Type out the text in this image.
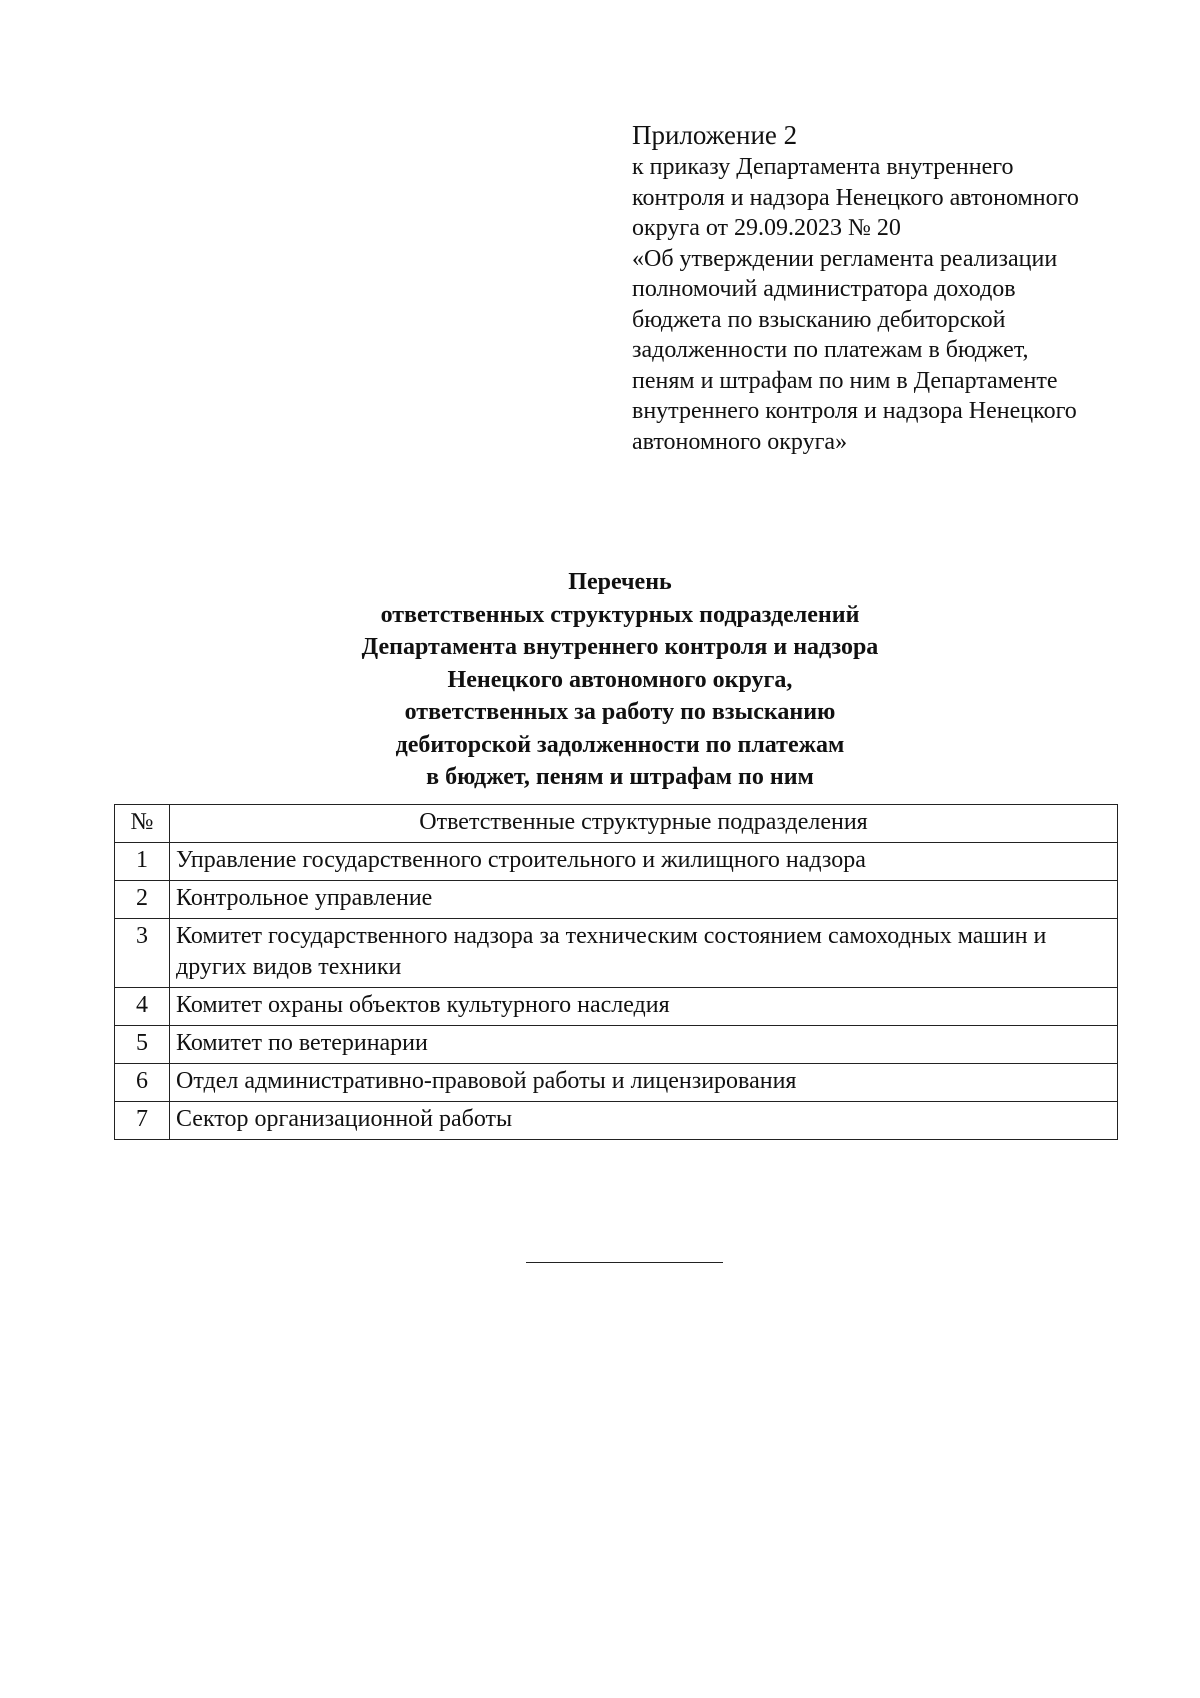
Приложение 2
к приказу Департамента внутреннего
контроля и надзора Ненецкого автономного
округа от 29.09.2023 № 20
«Об утверждении регламента реализации
полномочий администратора доходов
бюджета по взысканию дебиторской
задолженности по платежам в бюджет,
пеням и штрафам по ним в Департаменте
внутреннего контроля и надзора Ненецкого
автономного округа»
Перечень
ответственных структурных подразделений
Департамента внутреннего контроля и надзора
Ненецкого автономного округа,
ответственных за работу по взысканию
дебиторской задолженности по платежам
в бюджет, пеням и штрафам по ним
№	Ответственные структурные подразделения
1	Управление государственного строительного и жилищного надзора
2	Контрольное управление
3	Комитет государственного надзора за техническим состоянием самоходных машин и других видов техники
4	Комитет охраны объектов культурного наследия
5	Комитет по ветеринарии
6	Отдел административно-правовой работы и лицензирования
7	Сектор организационной работы
